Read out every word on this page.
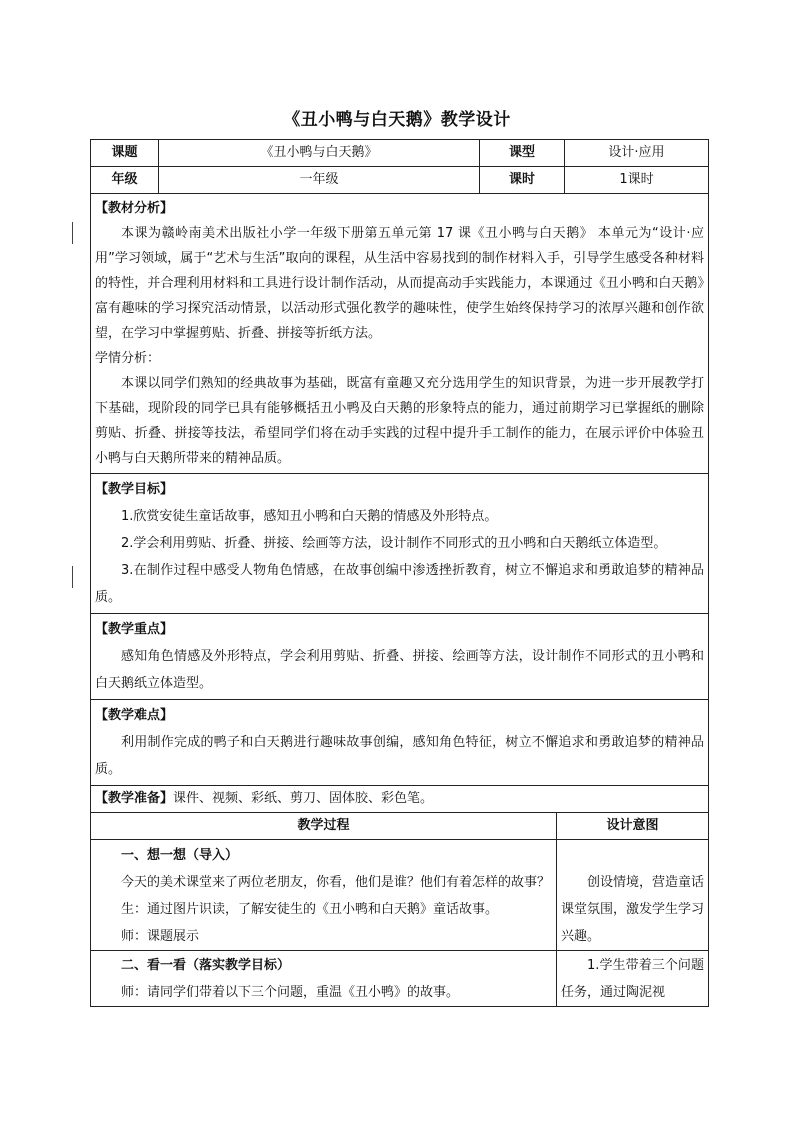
《丑小鸭与白天鹅》教学设计
课题	《丑小鸭与白天鹅》	课型	设计·应用
年级	一年级	课时	1课时

【教材分析】

本课为赣岭南美术出版社小学一年级下册第五单元第 17 课《丑小鸭与白天鹅》 本单元为“设计·应用”学习领域，属于“艺术与生活”取向的课程，从生活中容易找到的制作材料入手，引导学生感受各种材料的特性，并合理利用材料和工具进行设计制作活动，从而提高动手实践能力，本课通过《丑小鸭和白天鹅》富有趣味的学习探究活动情景，以活动形式强化教学的趣味性，使学生始终保持学习的浓厚兴趣和创作欲望，在学习中掌握剪贴、折叠、拼接等折纸方法。

学情分析：

本课以同学们熟知的经典故事为基础，既富有童趣又充分选用学生的知识背景，为进一步开展教学打下基础，现阶段的同学已具有能够概括丑小鸭及白天鹅的形象特点的能力，通过前期学习已掌握纸的删除剪贴、折叠、拼接等技法，希望同学们将在动手实践的过程中提升手工制作的能力，在展示评价中体验丑小鸭与白天鹅所带来的精神品质。			

【教学目标】

1.欣赏安徒生童话故事，感知丑小鸭和白天鹅的情感及外形特点。

2.学会利用剪贴、折叠、拼接、绘画等方法，设计制作不同形式的丑小鸭和白天鹅纸立体造型。

3.在制作过程中感受人物角色情感，在故事创编中渗透挫折教育，树立不懈追求和勇敢追梦的精神品质。			

【教学重点】

感知角色情感及外形特点，学会利用剪贴、折叠、拼接、绘画等方法，设计制作不同形式的丑小鸭和白天鹅纸立体造型。			

【教学难点】

利用制作完成的鸭子和白天鹅进行趣味故事创编，感知角色特征，树立不懈追求和勇敢追梦的精神品质。			

【教学准备】课件、视频、彩纸、剪刀、固体胶、彩色笔。			
教学过程	设计意图

一、想一想（导入）

今天的美术课堂来了两位老朋友，你看，他们是谁？他们有着怎样的故事？

生：通过图片识读，了解安徒生的《丑小鸭和白天鹅》童话故事。

师：课题展示	创设情境，营造童话课堂氛围，激发学生学习兴趣。

二、看一看（落实教学目标）

师：请同学们带着以下三个问题，重温《丑小鸭》的故事。	1.学生带着三个问题任务，通过陶泥视
